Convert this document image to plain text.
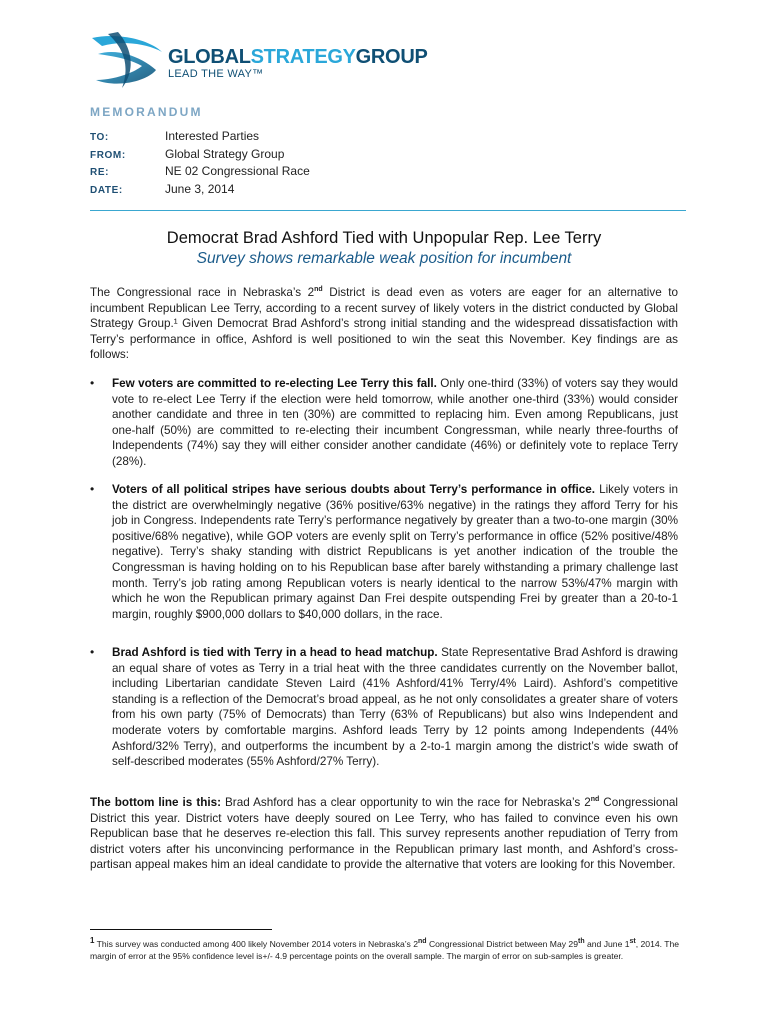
GLOBALSTRATEGYGROUP
LEAD THE WAY™
MEMORANDUM
TO:	Interested Parties
FROM:	Global Strategy Group
RE:	NE 02 Congressional Race
DATE:	June 3, 2014
Democrat Brad Ashford Tied with Unpopular Rep. Lee Terry
Survey shows remarkable weak position for incumbent
The Congressional race in Nebraska’s 2nd District is dead even as voters are eager for an alternative to incumbent Republican Lee Terry, according to a recent survey of likely voters in the district conducted by Global Strategy Group.¹ Given Democrat Brad Ashford’s strong initial standing and the widespread dissatisfaction with Terry’s performance in office, Ashford is well positioned to win the seat this November. Key findings are as follows:
• Few voters are committed to re-electing Lee Terry this fall. Only one-third (33%) of voters say they would vote to re-elect Lee Terry if the election were held tomorrow, while another one-third (33%) would consider another candidate and three in ten (30%) are committed to replacing him. Even among Republicans, just one-half (50%) are committed to re-electing their incumbent Congressman, while nearly three-fourths of Independents (74%) say they will either consider another candidate (46%) or definitely vote to replace Terry (28%).
• Voters of all political stripes have serious doubts about Terry’s performance in office. Likely voters in the district are overwhelmingly negative (36% positive/63% negative) in the ratings they afford Terry for his job in Congress. Independents rate Terry’s performance negatively by greater than a two-to-one margin (30% positive/68% negative), while GOP voters are evenly split on Terry’s performance in office (52% positive/48% negative). Terry’s shaky standing with district Republicans is yet another indication of the trouble the Congressman is having holding on to his Republican base after barely withstanding a primary challenge last month. Terry’s job rating among Republican voters is nearly identical to the narrow 53%/47% margin with which he won the Republican primary against Dan Frei despite outspending Frei by greater than a 20-to-1 margin, roughly $900,000 dollars to $40,000 dollars, in the race.
• Brad Ashford is tied with Terry in a head to head matchup. State Representative Brad Ashford is drawing an equal share of votes as Terry in a trial heat with the three candidates currently on the November ballot, including Libertarian candidate Steven Laird (41% Ashford/41% Terry/4% Laird). Ashford’s competitive standing is a reflection of the Democrat’s broad appeal, as he not only consolidates a greater share of voters from his own party (75% of Democrats) than Terry (63% of Republicans) but also wins Independent and moderate voters by comfortable margins. Ashford leads Terry by 12 points among Independents (44% Ashford/32% Terry), and outperforms the incumbent by a 2-to-1 margin among the district’s wide swath of self-described moderates (55% Ashford/27% Terry).
The bottom line is this: Brad Ashford has a clear opportunity to win the race for Nebraska’s 2nd Congressional District this year. District voters have deeply soured on Lee Terry, who has failed to convince even his own Republican base that he deserves re-election this fall. This survey represents another repudiation of Terry from district voters after his unconvincing performance in the Republican primary last month, and Ashford’s cross-partisan appeal makes him an ideal candidate to provide the alternative that voters are looking for this November.
1 This survey was conducted among 400 likely November 2014 voters in Nebraska’s 2nd Congressional District between May 29th and June 1st, 2014. The margin of error at the 95% confidence level is+/- 4.9 percentage points on the overall sample. The margin of error on sub-samples is greater.
